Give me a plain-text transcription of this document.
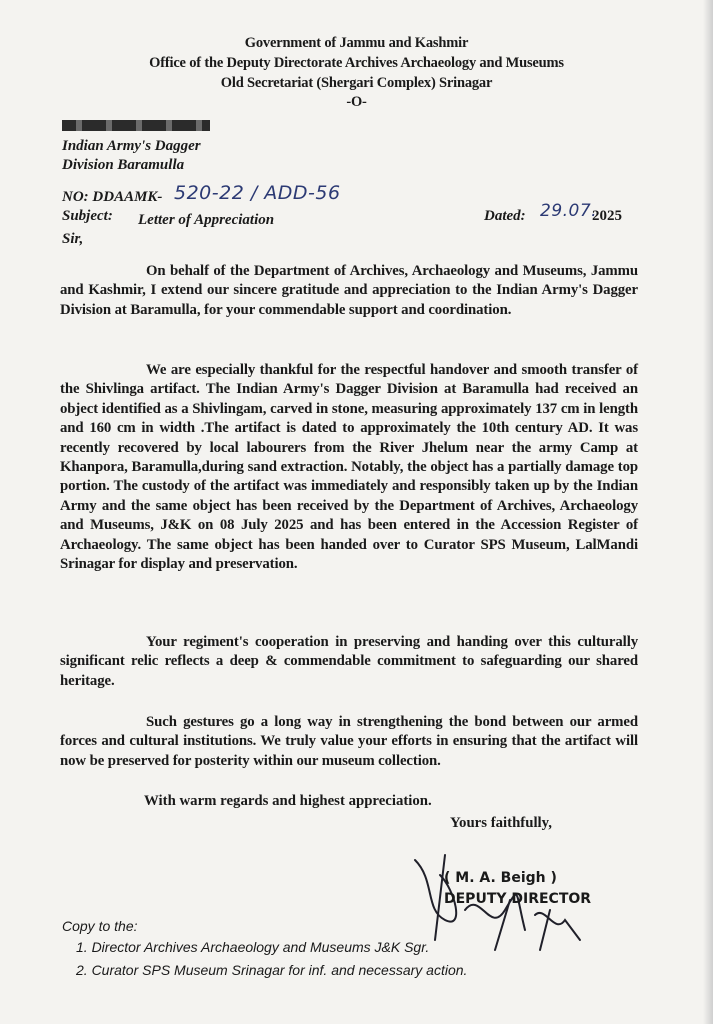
Government of Jammu and Kashmir
Office of the Deputy Directorate Archives Archaeology and Museums
Old Secretariat (Shergari Complex) Srinagar
-O-
Indian Army's Dagger
Division Baramulla
NO: DDAAMK- 520-22 / ADD-56
Subject: Letter of Appreciation	Dated: 29.07.
2025
Sir,
On behalf of the Department of Archives, Archaeology and Museums, Jammu and Kashmir, I extend our sincere gratitude and appreciation to the Indian Army's Dagger Division at Baramulla, for your commendable support and coordination.
We are especially thankful for the respectful handover and smooth transfer of the Shivlinga artifact. The Indian Army's Dagger Division at Baramulla had received an object identified as a Shivlingam, carved in stone, measuring approximately 137 cm in length and 160 cm in width .The artifact is dated to approximately the 10th century AD. It was recently recovered by local labourers from the River Jhelum near the army Camp at Khanpora, Baramulla,during sand extraction. Notably, the object has a partially damage top portion. The custody of the artifact was immediately and responsibly taken up by the Indian Army and the same object has been received by the Department of Archives, Archaeology and Museums, J&K on 08 July 2025 and has been entered in the Accession Register of Archaeology. The same object has been handed over to Curator SPS Museum, LalMandi Srinagar for display and preservation.
Your regiment's cooperation in preserving and handing over this culturally significant relic reflects a deep & commendable commitment to safeguarding our shared heritage.
Such gestures go a long way in strengthening the bond between our armed forces and cultural institutions. We truly value your efforts in ensuring that the artifact will now be preserved for posterity within our museum collection.
With warm regards and highest appreciation.
Yours faithfully,
( M. A. Beigh )
DEPUTY DIRECTOR
Copy to the:
1. Director Archives Archaeology and Museums J&K Sgr.
2. Curator SPS Museum Srinagar for inf. and necessary action.
